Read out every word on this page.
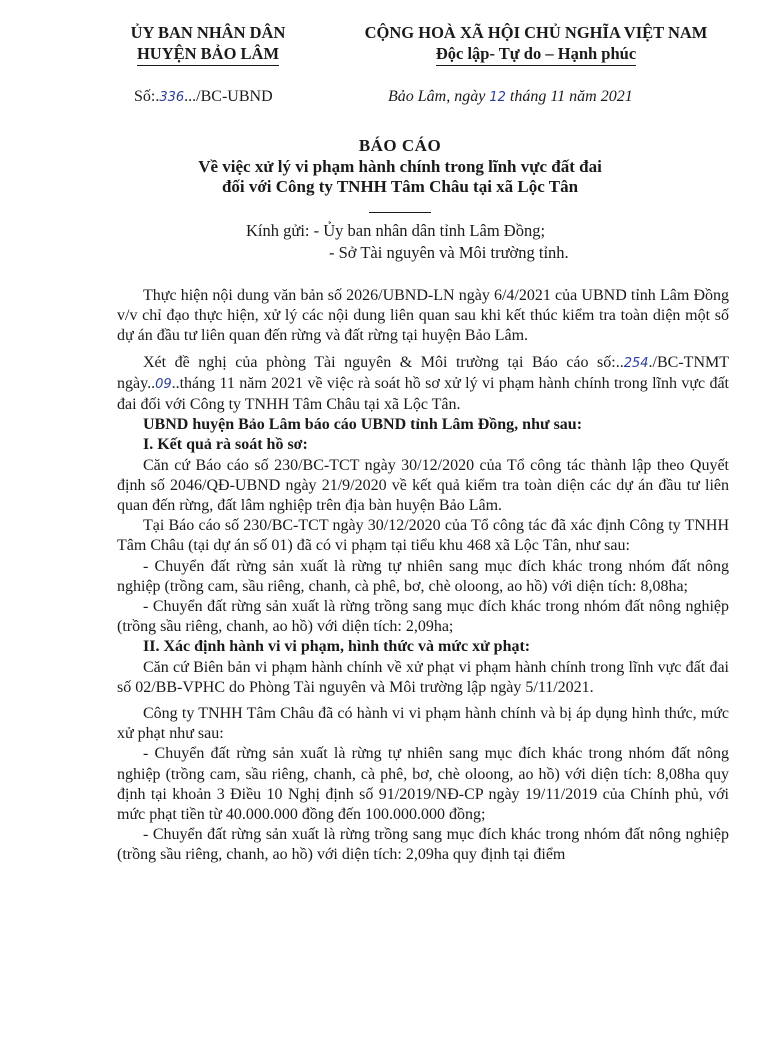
ỦY BAN NHÂN DÂN
HUYỆN BẢO LÂM
CỘNG HOÀ XÃ HỘI CHỦ NGHĨA VIỆT NAM
Độc lập- Tự do – Hạnh phúc
Số:.336.../BC-UBND	Bảo Lâm, ngày 12 tháng 11 năm 2021
BÁO CÁO
Về việc xử lý vi phạm hành chính trong lĩnh vực đất đai
đối với Công ty TNHH Tâm Châu tại xã Lộc Tân
Kính gửi: - Ủy ban nhân dân tỉnh Lâm Đồng;
- Sở Tài nguyên và Môi trường tỉnh.

Thực hiện nội dung văn bản số 2026/UBND-LN ngày 6/4/2021 của UBND tỉnh Lâm Đồng v/v chỉ đạo thực hiện, xử lý các nội dung liên quan sau khi kết thúc kiểm tra toàn diện một số dự án đầu tư liên quan đến rừng và đất rừng tại huyện Bảo Lâm.

Xét đề nghị của phòng Tài nguyên & Môi trường tại Báo cáo số:..254./BC-TNMT ngày..09..tháng 11 năm 2021 về việc rà soát hồ sơ xử lý vi phạm hành chính trong lĩnh vực đất đai đối với Công ty TNHH Tâm Châu tại xã Lộc Tân.

UBND huyện Bảo Lâm báo cáo UBND tỉnh Lâm Đồng, như sau:

I. Kết quả rà soát hồ sơ:

Căn cứ Báo cáo số 230/BC-TCT ngày 30/12/2020 của Tổ công tác thành lập theo Quyết định số 2046/QĐ-UBND ngày 21/9/2020 về kết quả kiểm tra toàn diện các dự án đầu tư liên quan đến rừng, đất lâm nghiệp trên địa bàn huyện Bảo Lâm.

Tại Báo cáo số 230/BC-TCT ngày 30/12/2020 của Tổ công tác đã xác định Công ty TNHH Tâm Châu (tại dự án số 01) đã có vi phạm tại tiểu khu 468 xã Lộc Tân, như sau:

- Chuyển đất rừng sản xuất là rừng tự nhiên sang mục đích khác trong nhóm đất nông nghiệp (trồng cam, sầu riêng, chanh, cà phê, bơ, chè oloong, ao hồ) với diện tích: 8,08ha;

- Chuyển đất rừng sản xuất là rừng trồng sang mục đích khác trong nhóm đất nông nghiệp (trồng sầu riêng, chanh, ao hồ) với diện tích: 2,09ha;

II. Xác định hành vi vi phạm, hình thức và mức xử phạt:

Căn cứ Biên bản vi phạm hành chính về xử phạt vi phạm hành chính trong lĩnh vực đất đai số 02/BB-VPHC do Phòng Tài nguyên và Môi trường lập ngày 5/11/2021.

Công ty TNHH Tâm Châu đã có hành vi vi phạm hành chính và bị áp dụng hình thức, mức xử phạt như sau:

- Chuyển đất rừng sản xuất là rừng tự nhiên sang mục đích khác trong nhóm đất nông nghiệp (trồng cam, sầu riêng, chanh, cà phê, bơ, chè oloong, ao hồ) với diện tích: 8,08ha quy định tại khoản 3 Điều 10 Nghị định số 91/2019/NĐ-CP ngày 19/11/2019 của Chính phủ, với mức phạt tiền từ 40.000.000 đồng đến 100.000.000 đồng;

- Chuyển đất rừng sản xuất là rừng trồng sang mục đích khác trong nhóm đất nông nghiệp (trồng sầu riêng, chanh, ao hồ) với diện tích: 2,09ha quy định tại điểm
